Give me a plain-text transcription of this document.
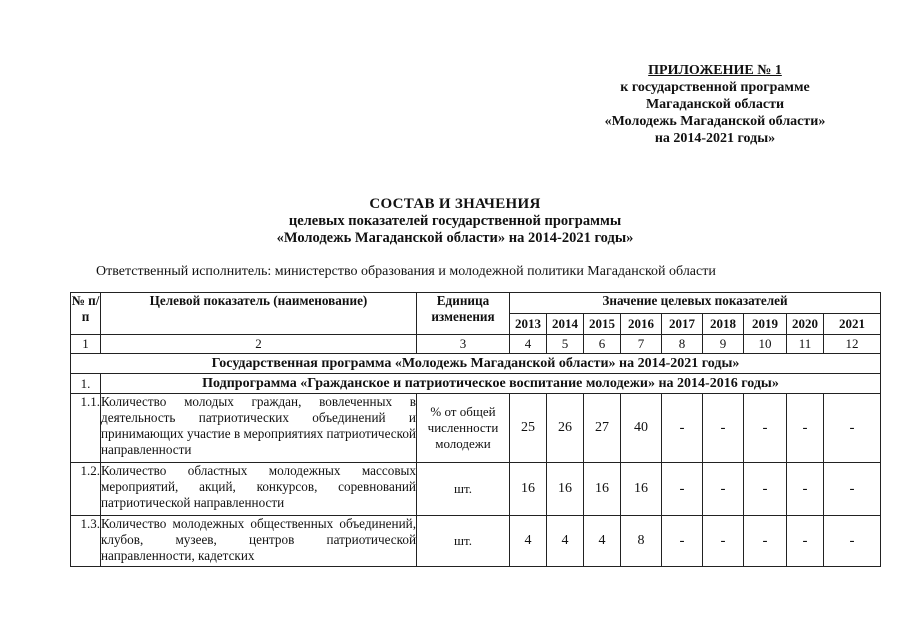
ПРИЛОЖЕНИЕ № 1
к государственной программе
Магаданской области
«Молодежь Магаданской области»
на 2014-2021 годы»
СОСТАВ И ЗНАЧЕНИЯ
целевых показателей государственной программы
«Молодежь Магаданской области» на 2014-2021 годы»
Ответственный исполнитель: министерство образования и молодежной политики Магаданской области
№ п/п	Целевой показатель (наименование)	Единица изменения	Значение целевых показателей								
			2013	2014	2015	2016	2017	2018	2019	2020	2021
1	2	3	4	5	6	7	8	9	10	11	12
Государственная программа «Молодежь Магаданской области» на 2014-2021 годы»											
1.	Подпрограмма «Гражданское и патриотическое воспитание молодежи» на 2014-2016 годы»										
1.1.	Количество молодых граждан, вовлеченных в деятельность патриотических объединений и принимающих участие в мероприятиях патриотической направленности	% от общей численности молодежи	25	26	27	40	-	-	-	-	-
1.2.	Количество областных молодежных массовых мероприятий, акций, конкурсов, соревнований патриотической направленности	шт.	16	16	16	16	-	-	-	-	-
1.3.	Количество молодежных общественных объединений, клубов, музеев, центров патриотической направленности, кадетских	шт.	4	4	4	8	-	-	-	-	-
